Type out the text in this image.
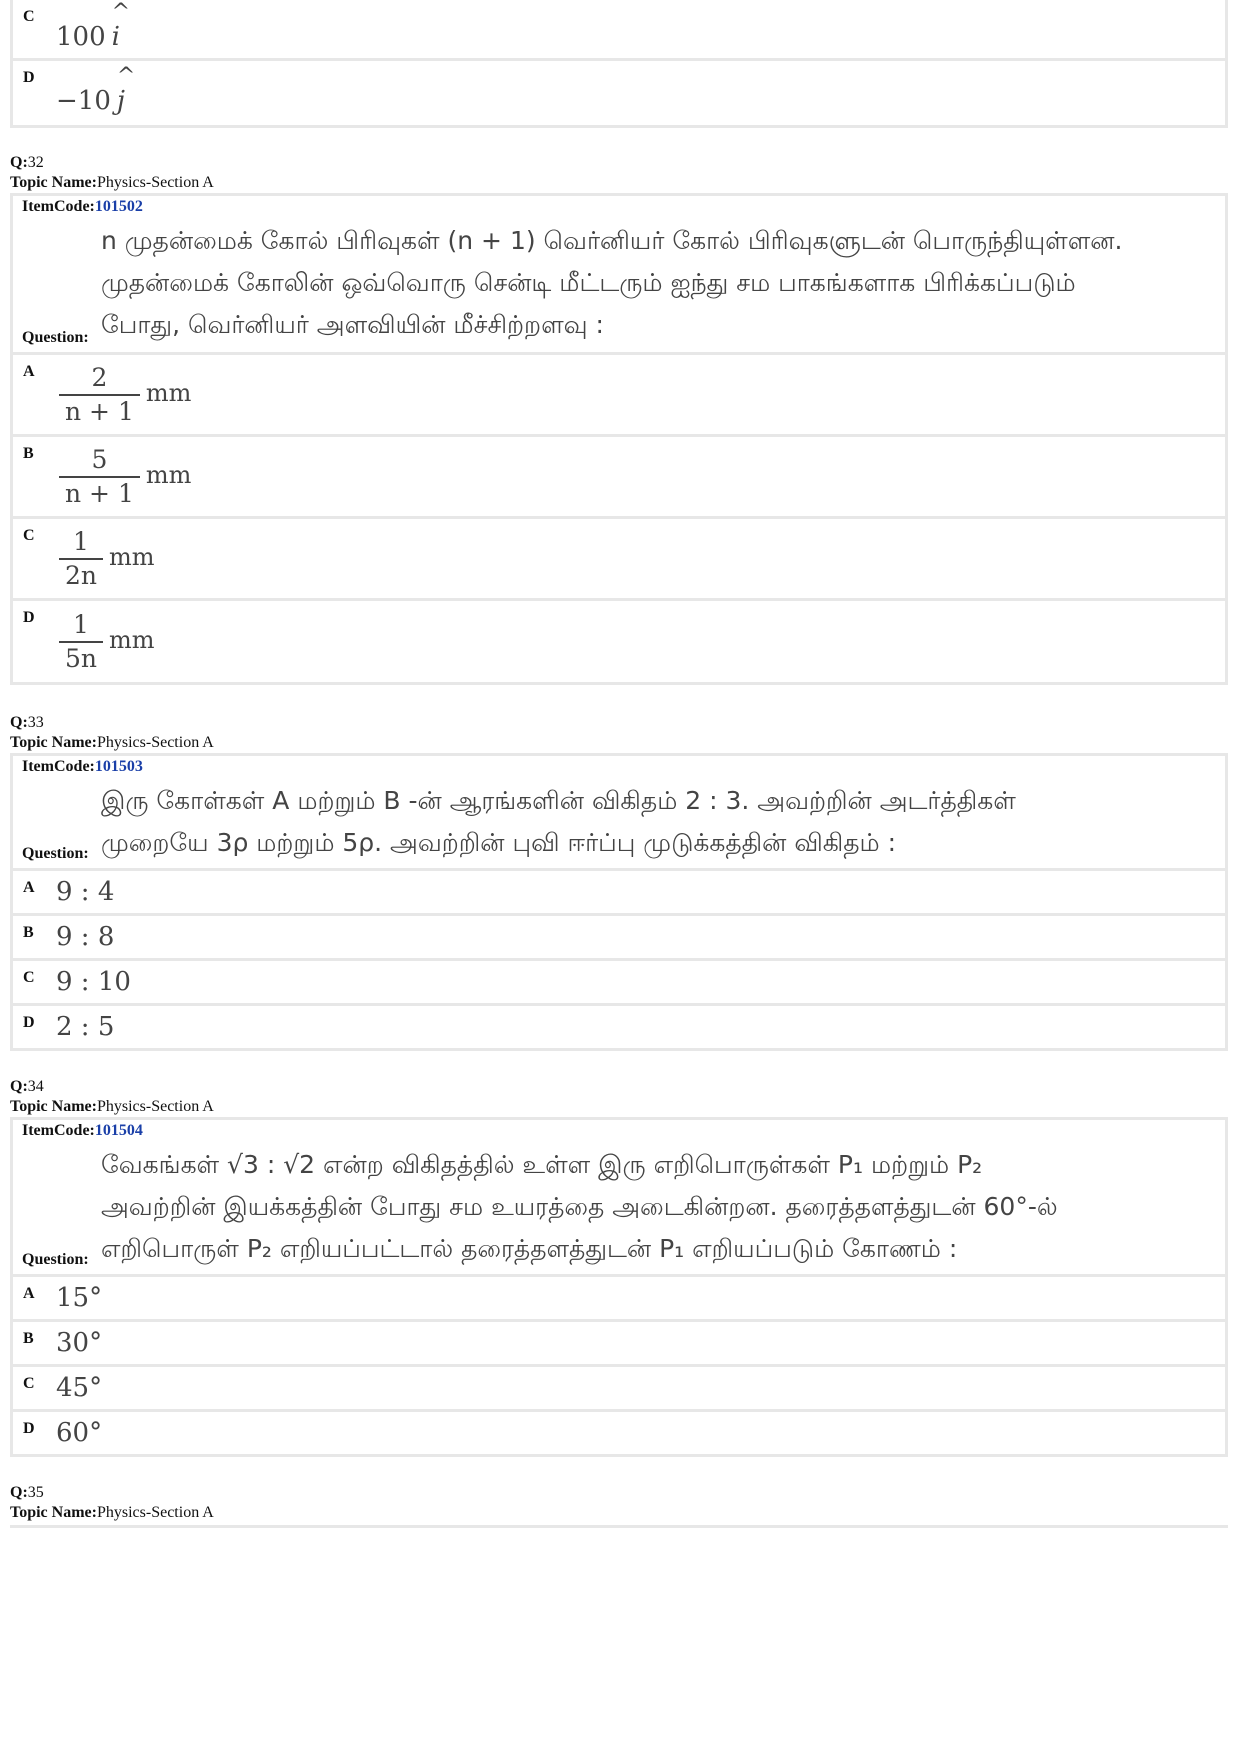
C
100 ^ i
D
−10 ^ j
Q:32
Topic Name:Physics-Section A
ItemCode:101502

n முதன்மைக் கோல் பிரிவுகள் (n + 1) வெர்னியர் கோல் பிரிவுகளுடன் பொருந்தியுள்ளன.

முதன்மைக் கோலின் ஒவ்வொரு சென்டி மீட்டரும் ஐந்து சம பாகங்களாக பிரிக்கப்படும்

போது, வெர்னியர் அளவியின் மீச்சிற்றளவு :

Question:
A $\frac{2}{n + 1}$ mm
B $\frac{5}{n + 1}$ mm
C $\frac{1}{2n}$ mm
D $\frac{1}{5n}$ mm
Q:33
Topic Name:Physics-Section A
ItemCode:101503

இரு கோள்கள் A மற்றும் B -ன் ஆரங்களின் விகிதம் 2 : 3. அவற்றின் அடர்த்திகள்

முறையே 3ρ மற்றும் 5ρ. அவற்றின் புவி ஈர்ப்பு முடுக்கத்தின் விகிதம் :

Question:
A 9 : 4
B 9 : 8
C 9 : 10
D 2 : 5
Q:34
Topic Name:Physics-Section A
ItemCode:101504

வேகங்கள் √3 : √2 என்ற விகிதத்தில் உள்ள இரு எறிபொருள்கள் P₁ மற்றும் P₂

அவற்றின் இயக்கத்தின் போது சம உயரத்தை அடைகின்றன. தரைத்தளத்துடன் 60°-ல்

எறிபொருள் P₂ எறியப்பட்டால் தரைத்தளத்துடன் P₁ எறியப்படும் கோணம் :

Question:
A 15°
B 30°
C 45°
D 60°
Q:35
Topic Name:Physics-Section A
